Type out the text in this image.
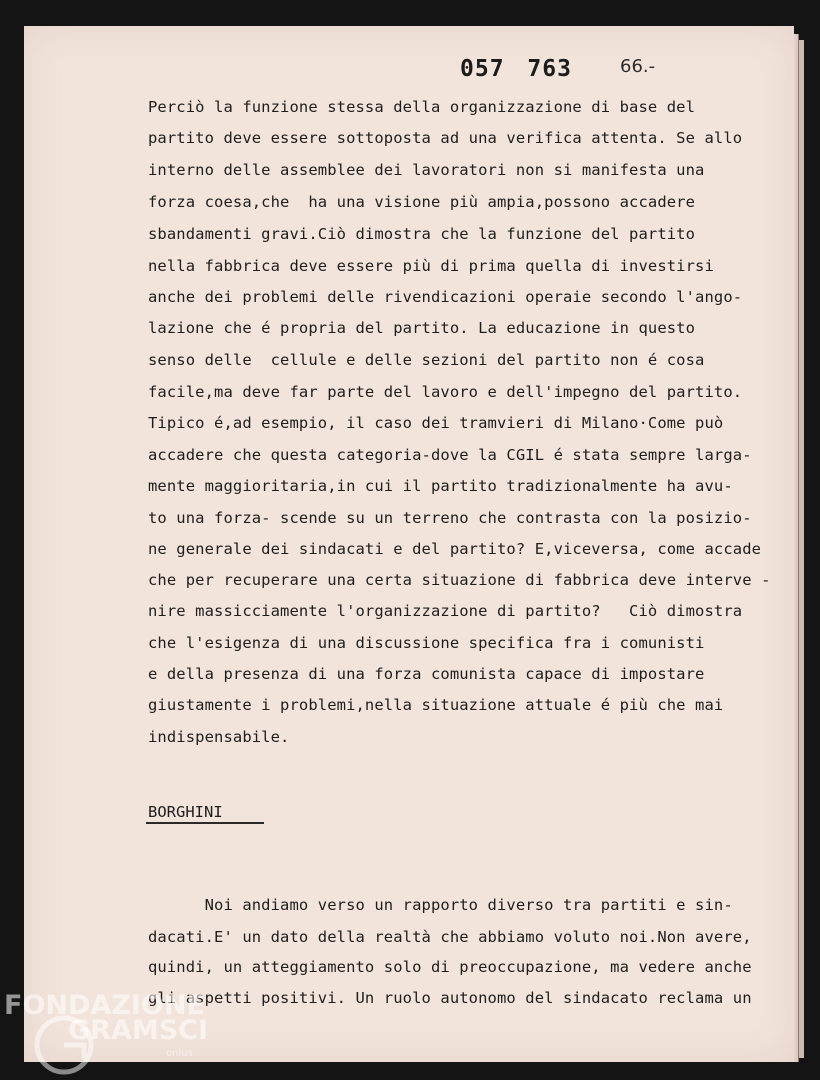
057 763	66.-
Perciò la funzione stessa della organizzazione di base del
partito deve essere sottoposta ad una verifica attenta. Se allo
interno delle assemblee dei lavoratori non si manifesta una
forza coesa,che  ha una visione più ampia,possono accadere
sbandamenti gravi.Ciò dimostra che la funzione del partito
nella fabbrica deve essere più di prima quella di investirsi
anche dei problemi delle rivendicazioni operaie secondo l'ango-
lazione che é propria del partito. La educazione in questo
senso delle  cellule e delle sezioni del partito non é cosa
facile,ma deve far parte del lavoro e dell'impegno del partito.
Tipico é,ad esempio, il caso dei tramvieri di Milano·Come può
accadere che questa categoria-dove la CGIL é stata sempre larga-
mente maggioritaria,in cui il partito tradizionalmente ha avu-
to una forza- scende su un terreno che contrasta con la posizio-
ne generale dei sindacati e del partito? E,viceversa, come accade
che per recuperare una certa situazione di fabbrica deve interve -
nire massicciamente l'organizzazione di partito?   Ciò dimostra
che l'esigenza di una discussione specifica fra i comunisti
e della presenza di una forza comunista capace di impostare
giustamente i problemi,nella situazione attuale é più che mai
indispensabile.
BORGHINI
Noi andiamo verso un rapporto diverso tra partiti e sin-
dacati.E' un dato della realtà che abbiamo voluto noi.Non avere,
quindi, un atteggiamento solo di preoccupazione, ma vedere anche
gli aspetti positivi. Un ruolo autonomo del sindacato reclama un
FONDAZIONE
GRAMSCI
onlus
